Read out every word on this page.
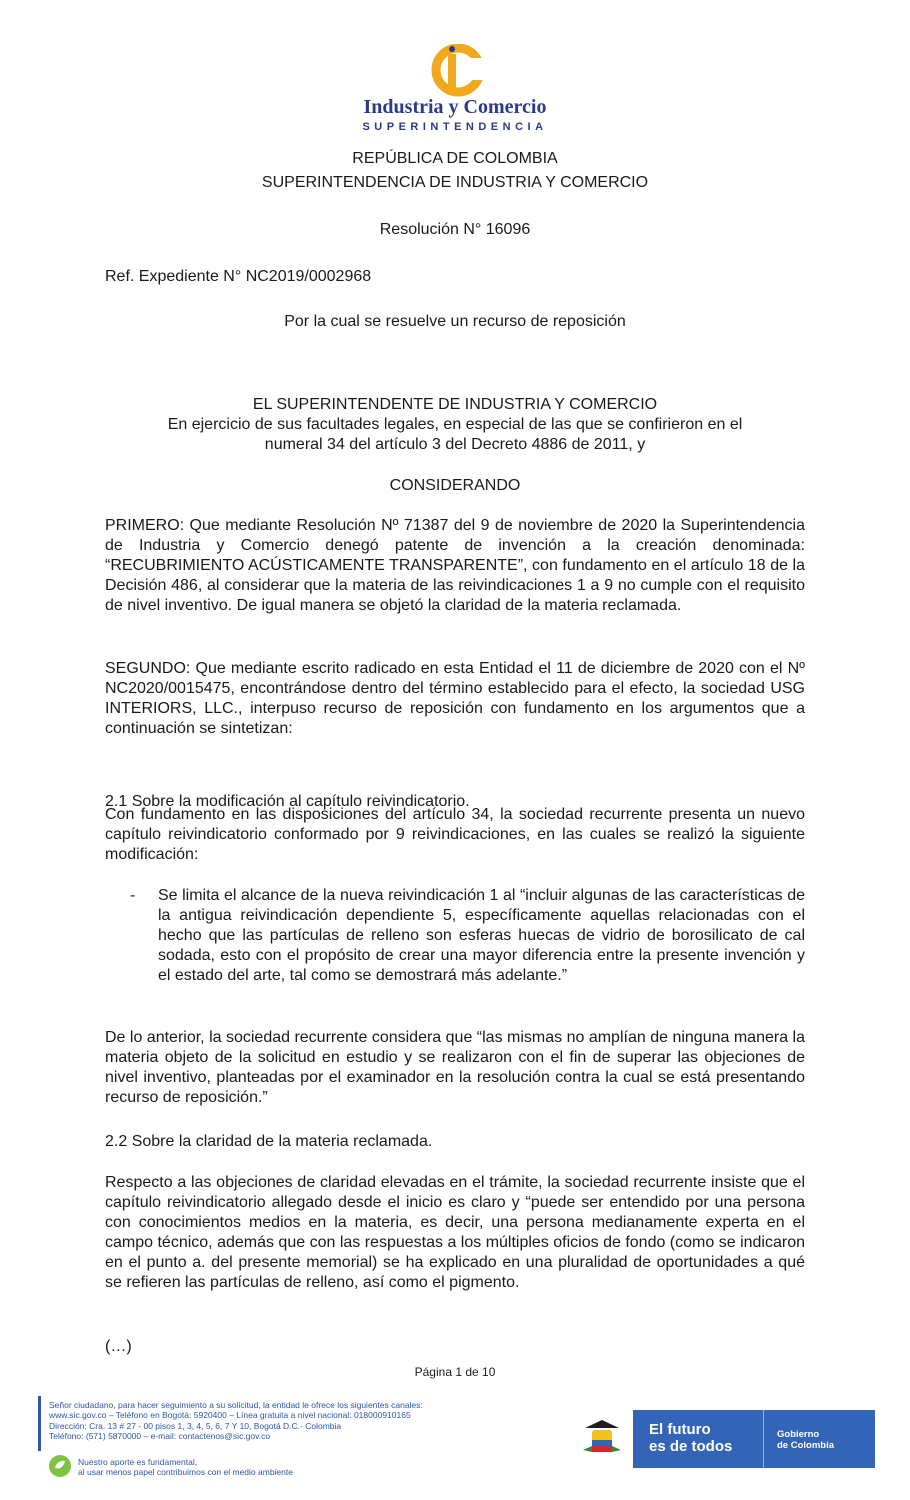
Industria y Comercio
SUPERINTENDENCIA
REPÚBLICA DE COLOMBIA
SUPERINTENDENCIA DE INDUSTRIA Y COMERCIO
Resolución N° 16096
Ref. Expediente N° NC2019/0002968
Por la cual se resuelve un recurso de reposición
EL SUPERINTENDENTE DE INDUSTRIA Y COMERCIO
En ejercicio de sus facultades legales, en especial de las que se confirieron en el
numeral 34 del artículo 3 del Decreto 4886 de 2011, y
CONSIDERANDO
PRIMERO: Que mediante Resolución Nº 71387 del 9 de noviembre de 2020 la Superintendencia de Industria y Comercio denegó patente de invención a la creación denominada: “RECUBRIMIENTO ACÚSTICAMENTE TRANSPARENTE”, con fundamento en el artículo 18 de la Decisión 486, al considerar que la materia de las reivindicaciones 1 a 9 no cumple con el requisito de nivel inventivo. De igual manera se objetó la claridad de la materia reclamada.
SEGUNDO: Que mediante escrito radicado en esta Entidad el 11 de diciembre de 2020 con el Nº NC2020/0015475, encontrándose dentro del término establecido para el efecto, la sociedad USG INTERIORS, LLC., interpuso recurso de reposición con fundamento en los argumentos que a continuación se sintetizan:
2.1 Sobre la modificación al capítulo reivindicatorio.
Con fundamento en las disposiciones del artículo 34, la sociedad recurrente presenta un nuevo capítulo reivindicatorio conformado por 9 reivindicaciones, en las cuales se realizó la siguiente modificación:
-	Se limita el alcance de la nueva reivindicación 1 al “incluir algunas de las características de la antigua reivindicación dependiente 5, específicamente aquellas relacionadas con el hecho que las partículas de relleno son esferas huecas de vidrio de borosilicato de cal sodada, esto con el propósito de crear una mayor diferencia entre la presente invención y el estado del arte, tal como se demostrará más adelante.”
De lo anterior, la sociedad recurrente considera que “las mismas no amplían de ninguna manera la materia objeto de la solicitud en estudio y se realizaron con el fin de superar las objeciones de nivel inventivo, planteadas por el examinador en la resolución contra la cual se está presentando recurso de reposición.”
2.2 Sobre la claridad de la materia reclamada.
Respecto a las objeciones de claridad elevadas en el trámite, la sociedad recurrente insiste que el capítulo reivindicatorio allegado desde el inicio es claro y “puede ser entendido por una persona con conocimientos medios en la materia, es decir, una persona medianamente experta en el campo técnico, además que con las respuestas a los múltiples oficios de fondo (como se indicaron en el punto a. del presente memorial) se ha explicado en una pluralidad de oportunidades a qué se refieren las partículas de relleno, así como el pigmento.
(…)
Página 1 de 10
Señor ciudadano, para hacer seguimiento a su solicitud, la entidad le ofrece los siguientes canales:
www.sic.gov.co – Teléfono en Bogotá: 5920400 – Línea gratuita a nivel nacional: 018000910165
Dirección: Cra. 13 # 27 - 00 pisos 1, 3, 4, 5, 6, 7 Y 10, Bogotá D.C.- Colombia
Teléfono: (571) 5870000 – e-mail: contactenos@sic.gov.co
Nuestro aporte es fundamental,
al usar menos papel contribuimos con el medio ambiente
El futuro
es de todos
Gobierno
de Colombia
